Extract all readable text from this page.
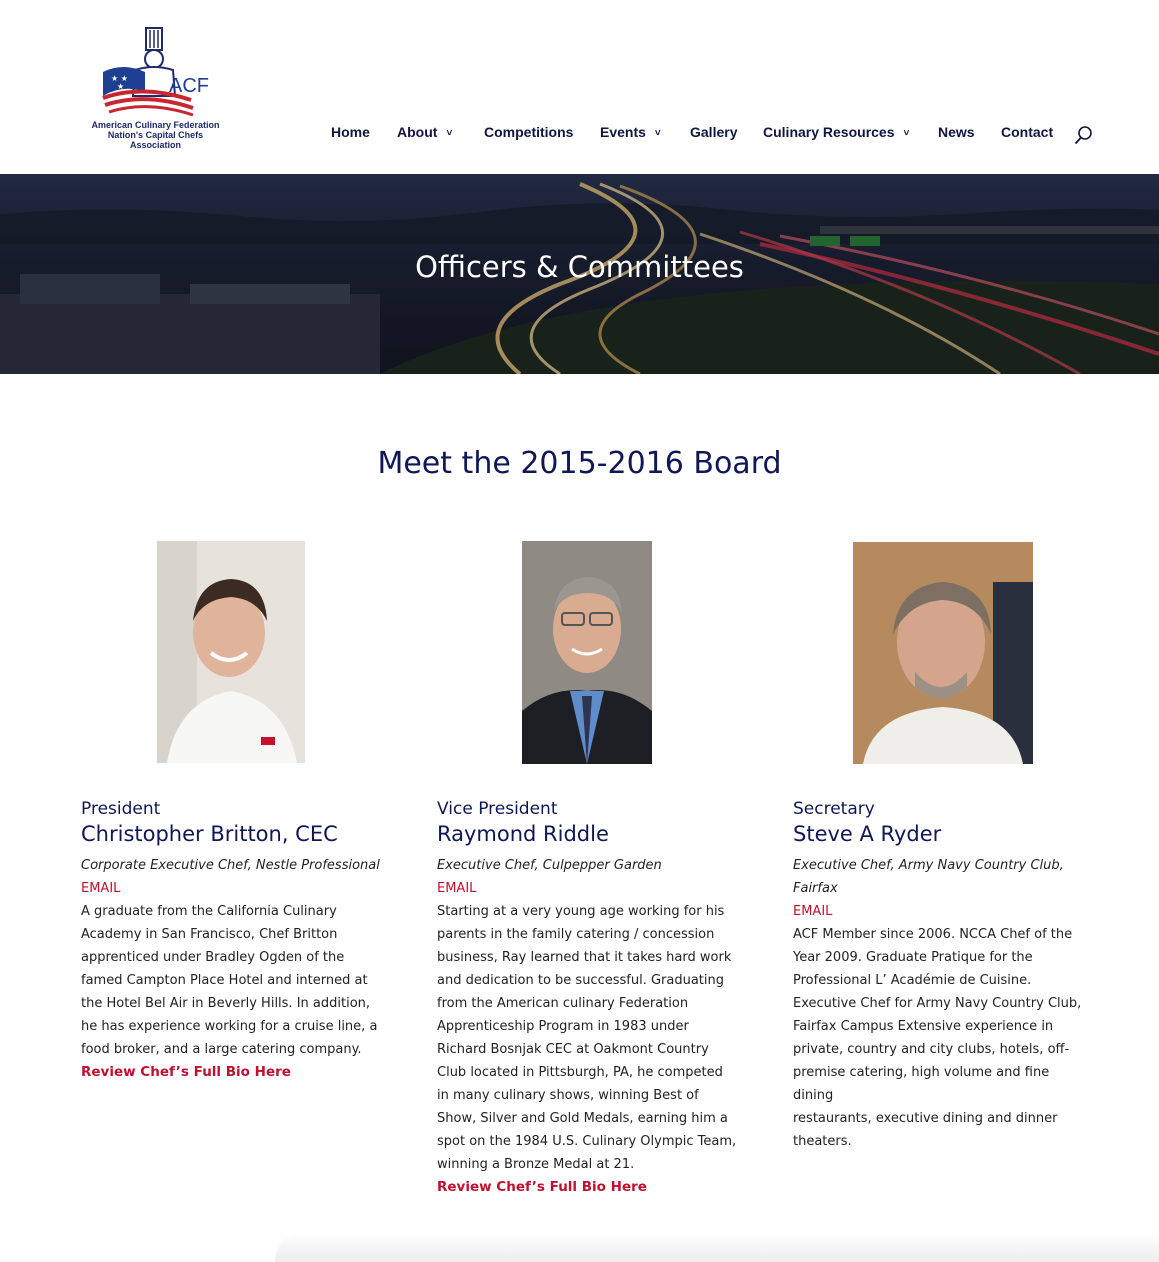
★ ★
★ ACF
American Culinary Federation
Nation's Capital Chefs Association
Home About ˅ Competitions Events ˅ Gallery Culinary Resources ˅ News Contact
Officers & Committees
Meet the 2015-2016 Board
President
Christopher Britton, CEC
Corporate Executive Chef, Nestle Professional
EMAIL
A graduate from the California Culinary
Academy in San Francisco, Chef Britton
apprenticed under Bradley Ogden of the
famed Campton Place Hotel and interned at
the Hotel Bel Air in Beverly Hills. In addition,
he has experience working for a cruise line, a
food broker, and a large catering company.
Review Chef’s Full Bio Here
Vice President
Raymond Riddle
Executive Chef, Culpepper Garden
EMAIL
Starting at a very young age working for his
parents in the family catering / concession
business, Ray learned that it takes hard work
and dedication to be successful. Graduating
from the American culinary Federation
Apprenticeship Program in 1983 under
Richard Bosnjak CEC at Oakmont Country
Club located in Pittsburgh, PA, he competed
in many culinary shows, winning Best of
Show, Silver and Gold Medals, earning him a
spot on the 1984 U.S. Culinary Olympic Team,
winning a Bronze Medal at 21.
Review Chef’s Full Bio Here
Secretary
Steve A Ryder
Executive Chef, Army Navy Country Club, Fairfax
EMAIL
ACF Member since 2006. NCCA Chef of the
Year 2009. Graduate Pratique for the
Professional L’ Académie de Cuisine.
Executive Chef for Army Navy Country Club,
Fairfax Campus Extensive experience in
private, country and city clubs, hotels, off-
premise catering, high volume and fine dining
restaurants, executive dining and dinner
theaters.
